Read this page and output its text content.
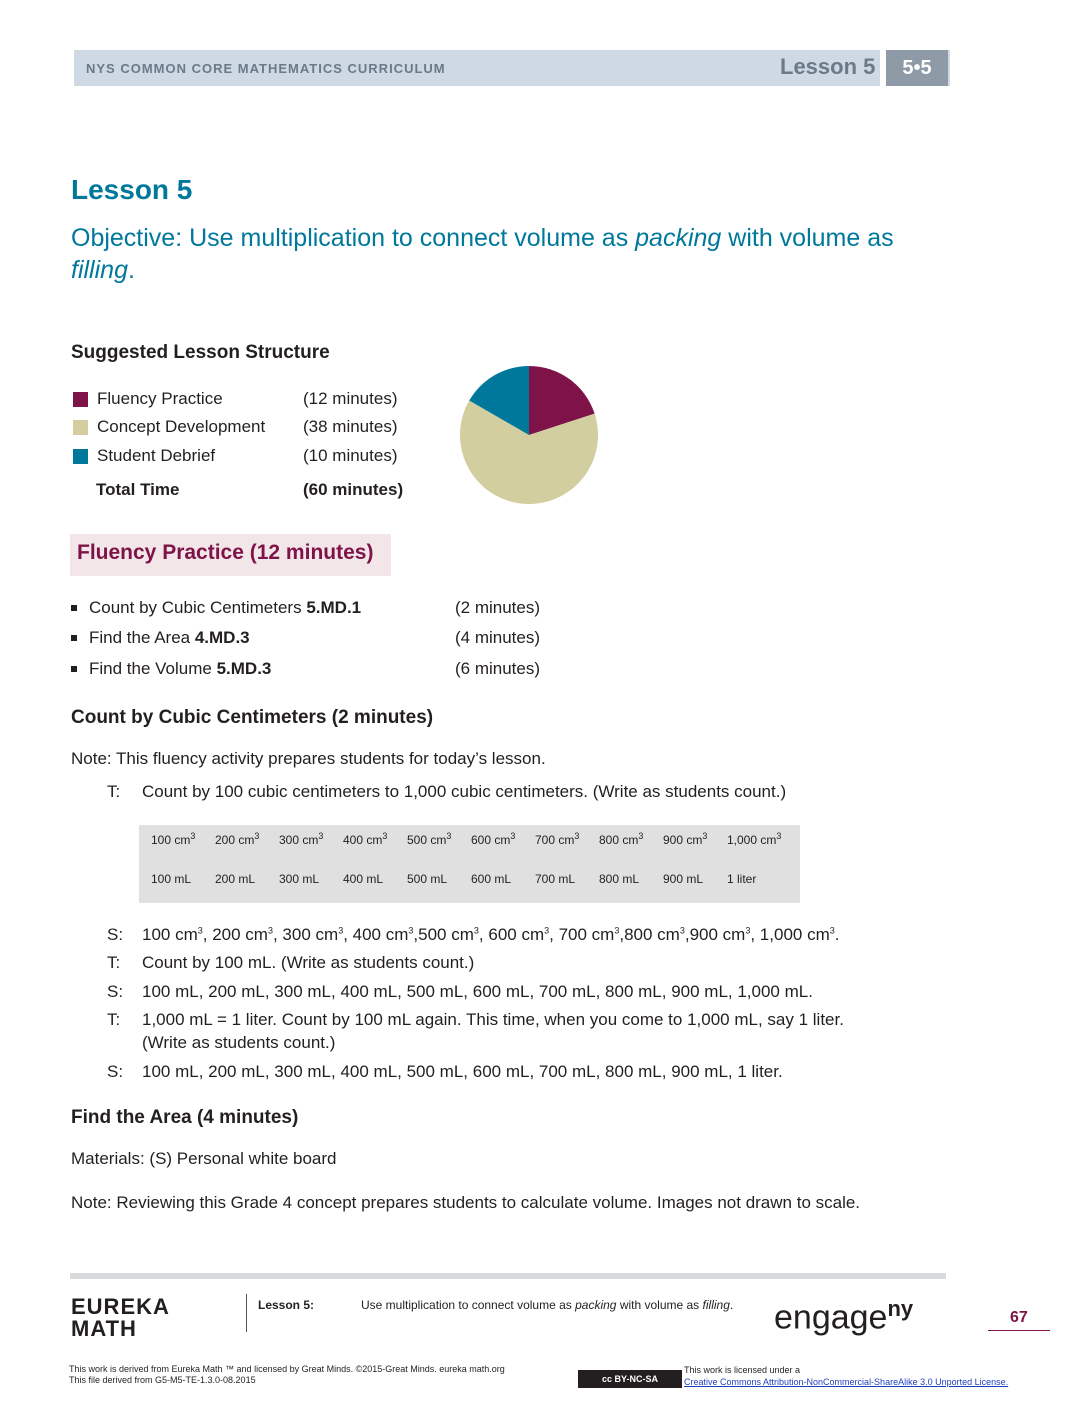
NYS COMMON CORE MATHEMATICS CURRICULUM	Lesson 5	5•5
Lesson 5
Objective: Use multiplication to connect volume as packing with volume as filling.
Suggested Lesson Structure
Fluency Practice	(12 minutes)
Concept Development (38 minutes)
Student Debrief	(10 minutes)
Total Time	(60 minutes)
Fluency Practice (12 minutes)
Count by Cubic Centimeters 5.MD.1	(2 minutes)
Find the Area 4.MD.3	(4 minutes)
Find the Volume 5.MD.3	(6 minutes)
Count by Cubic Centimeters (2 minutes)
Note: This fluency activity prepares students for today’s lesson.
T: Count by 100 cubic centimeters to 1,000 cubic centimeters. (Write as students count.)
100 $cm^3$ 200 $cm^3$ 300 $cm^3$ 400 $cm^3$ 500 $cm^3$ 600 $cm^3$ 700 $cm^3$ 800 $cm^3$ 900 $cm^3$ 1,000 $cm^3$
100 mL 200 mL 300 mL 400 mL 500 mL 600 mL 700 mL 800 mL 900 mL 1 liter
S: 100 $cm^3$, 200 $cm^3$, 300 $cm^3$, 400 $cm^3,500$ $cm^3$, 600 $cm^3$, 700 $cm^3,800$ $cm^3,900$ $cm^3$, 1,000 $cm^3$.
T: Count by 100 mL. (Write as students count.)
S: 100 mL, 200 mL, 300 mL, 400 mL, 500 mL, 600 mL, 700 mL, 800 mL, 900 mL, 1,000 mL.
T: 1,000 mL = 1 liter. Count by 100 mL again. This time, when you come to 1,000 mL, say 1 liter.
(Write as students count.)
S: 100 mL, 200 mL, 300 mL, 400 mL, 500 mL, 600 mL, 700 mL, 800 mL, 900 mL, 1 liter.
Find the Area (4 minutes)
Materials: (S) Personal white board
Note: Reviewing this Grade 4 concept prepares students to calculate volume. Images not drawn to scale.
EUREKA
MATH
Lesson 5:	Use multiplication to connect volume as packing with volume as filling. engage$^{ny}$	67
This work is derived from Eureka Math ™ and licensed by Great Minds. ©2015-Great Minds. eureka math.org
This file derived from G5-M5-TE-1.3.0-08.2015	cc BY-NC-SA
This work is licensed under a
Creative Commons Attribution-NonCommercial-ShareAlike 3.0 Unported License.
